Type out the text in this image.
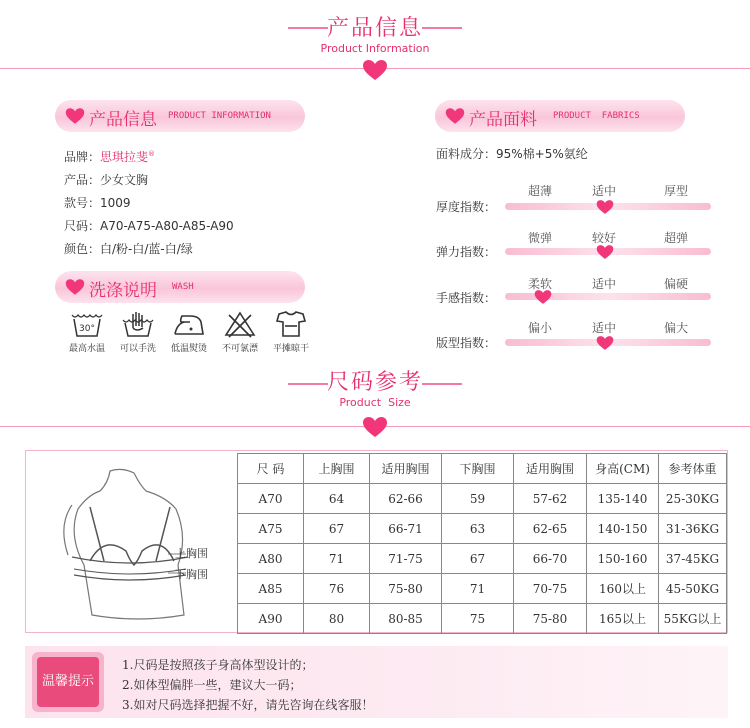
产品信息
Product Information
产品信息 PRODUCT INFORMATION
品牌：思琪拉斐®
产品：少女文胸
款号：1009
尺码：A70-A75-A80-A85-A90
颜色：白/粉-白/蓝-白/绿
洗涤说明 WASH
30°
最高水温	可以手洗	低温熨烫	不可氯漂	平摊晾干
产品面料 PRODUCT  FABRICS
面料成分：95%棉+5%氨纶
厚度指数：
超薄	适中	厚型
弹力指数：
微弹	较好	超弹
手感指数：
柔软	适中	偏硬
版型指数：
偏小	适中	偏大
尺码参考
Product  Size
上胸围
下胸围
尺 码	上胸围	适用胸围	下胸围	适用胸围	身高(CM)	参考体重
A70	64	62-66	59	57-62	135-140	25-30KG
A75	67	66-71	63	62-65	140-150	31-36KG
A80	71	71-75	67	66-70	150-160	37-45KG
A85	76	75-80	71	70-75	160以上	45-50KG
A90	80	80-85	75	75-80	165以上	55KG以上
温馨提示
1.尺码是按照孩子身高体型设计的；
2.如体型偏胖一些，建议大一码；
3.如对尺码选择把握不好，请先咨询在线客服！
